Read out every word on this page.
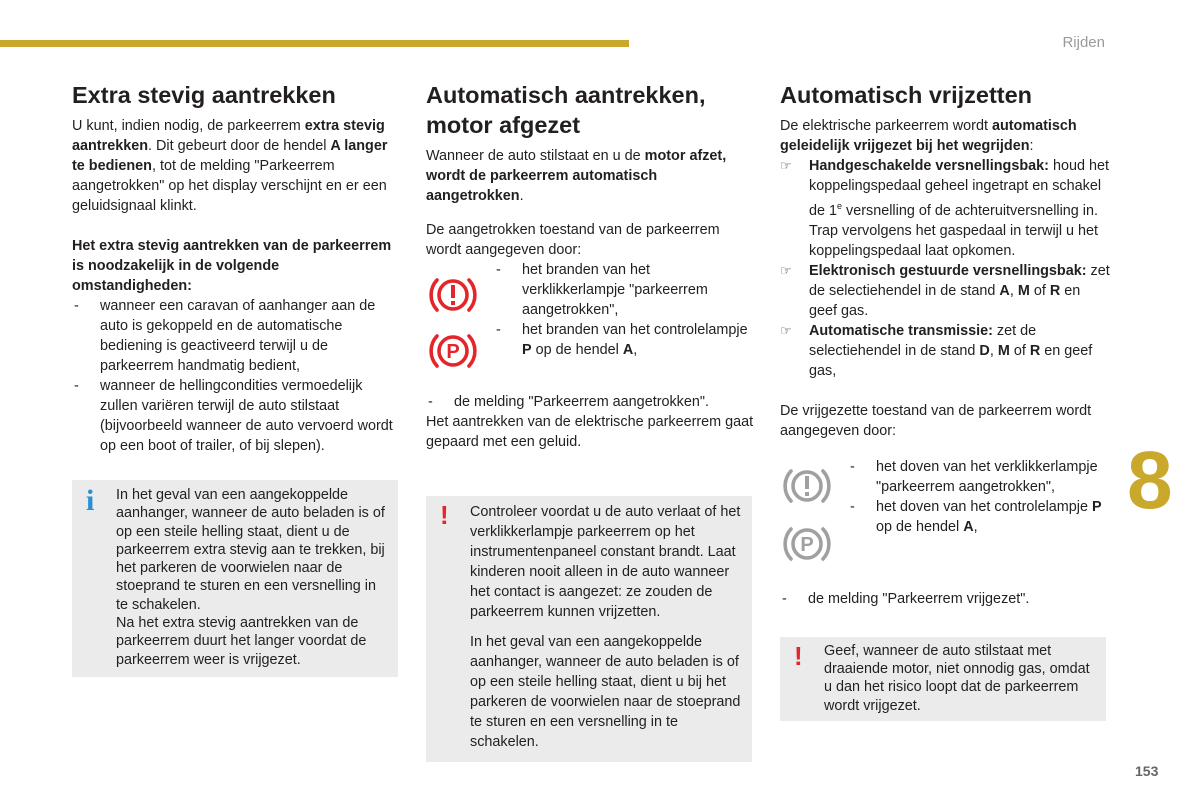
Rijden
8
153
Extra stevig aantrekken

U kunt, indien nodig, de parkeerrem extra stevig aantrekken. Dit gebeurt door de hendel A langer te bedienen, tot de melding "Parkeerrem aangetrokken" op het display verschijnt en er een geluidsignaal klinkt.

Het extra stevig aantrekken van de parkeerrem is noodzakelijk in de volgende omstandigheden:

- wanneer een caravan of aanhanger aan de auto is gekoppeld en de automatische bediening is geactiveerd terwijl u de parkeerrem handmatig bedient,
- wanneer de hellingcondities vermoedelijk zullen variëren terwijl de auto stilstaat (bijvoorbeeld wanneer de auto vervoerd wordt op een boot of trailer, of bij slepen).
i In het geval van een aangekoppelde aanhanger, wanneer de auto beladen is of op een steile helling staat, dient u de parkeerrem extra stevig aan te trekken, bij het parkeren de voorwielen naar de stoeprand te sturen en een versnelling in te schakelen.

Na het extra stevig aantrekken van de parkeerrem duurt het langer voordat de parkeerrem weer is vrijgezet.

Automatisch aantrekken,
motor afgezet

Wanneer de auto stilstaat en u de motor afzet, wordt de parkeerrem automatisch aangetrokken.

De aangetrokken toestand van de parkeerrem wordt aangegeven door:

P
- het branden van het verklikkerlampje "parkeerrem aangetrokken",
- het branden van het controlelampje P op de hendel A,
- de melding "Parkeerrem aangetrokken".

Het aantrekken van de elektrische parkeerrem gaat gepaard met een geluid.

! Controleer voordat u de auto verlaat of het verklikkerlampje parkeerrem op het instrumentenpaneel constant brandt. Laat kinderen nooit alleen in de auto wanneer het contact is aangezet: ze zouden de parkeerrem kunnen vrijzetten.

In het geval van een aangekoppelde aanhanger, wanneer de auto beladen is of op een steile helling staat, dient u bij het parkeren de voorwielen naar de stoeprand te sturen en een versnelling in te schakelen.

Automatisch vrijzetten

De elektrische parkeerrem wordt automatisch geleidelijk vrijgezet bij het wegrijden:

☞ Handgeschakelde versnellingsbak: houd het koppelingspedaal geheel ingetrapt en schakel de 1e versnelling of de achteruitversnelling in. Trap vervolgens het gaspedaal in terwijl u het koppelingspedaal laat opkomen.
☞ Elektronisch gestuurde versnellingsbak: zet de selectiehendel in de stand A, M of R en geef gas.
☞ Automatische transmissie: zet de selectiehendel in de stand D, M of R en geef gas,

De vrijgezette toestand van de parkeerrem wordt aangegeven door:

P
- het doven van het verklikkerlampje "parkeerrem aangetrokken",
- het doven van het controlelampje P op de hendel A,
- de melding "Parkeerrem vrijgezet".
! Geef, wanneer de auto stilstaat met draaiende motor, niet onnodig gas, omdat u dan het risico loopt dat de parkeerrem wordt vrijgezet.
